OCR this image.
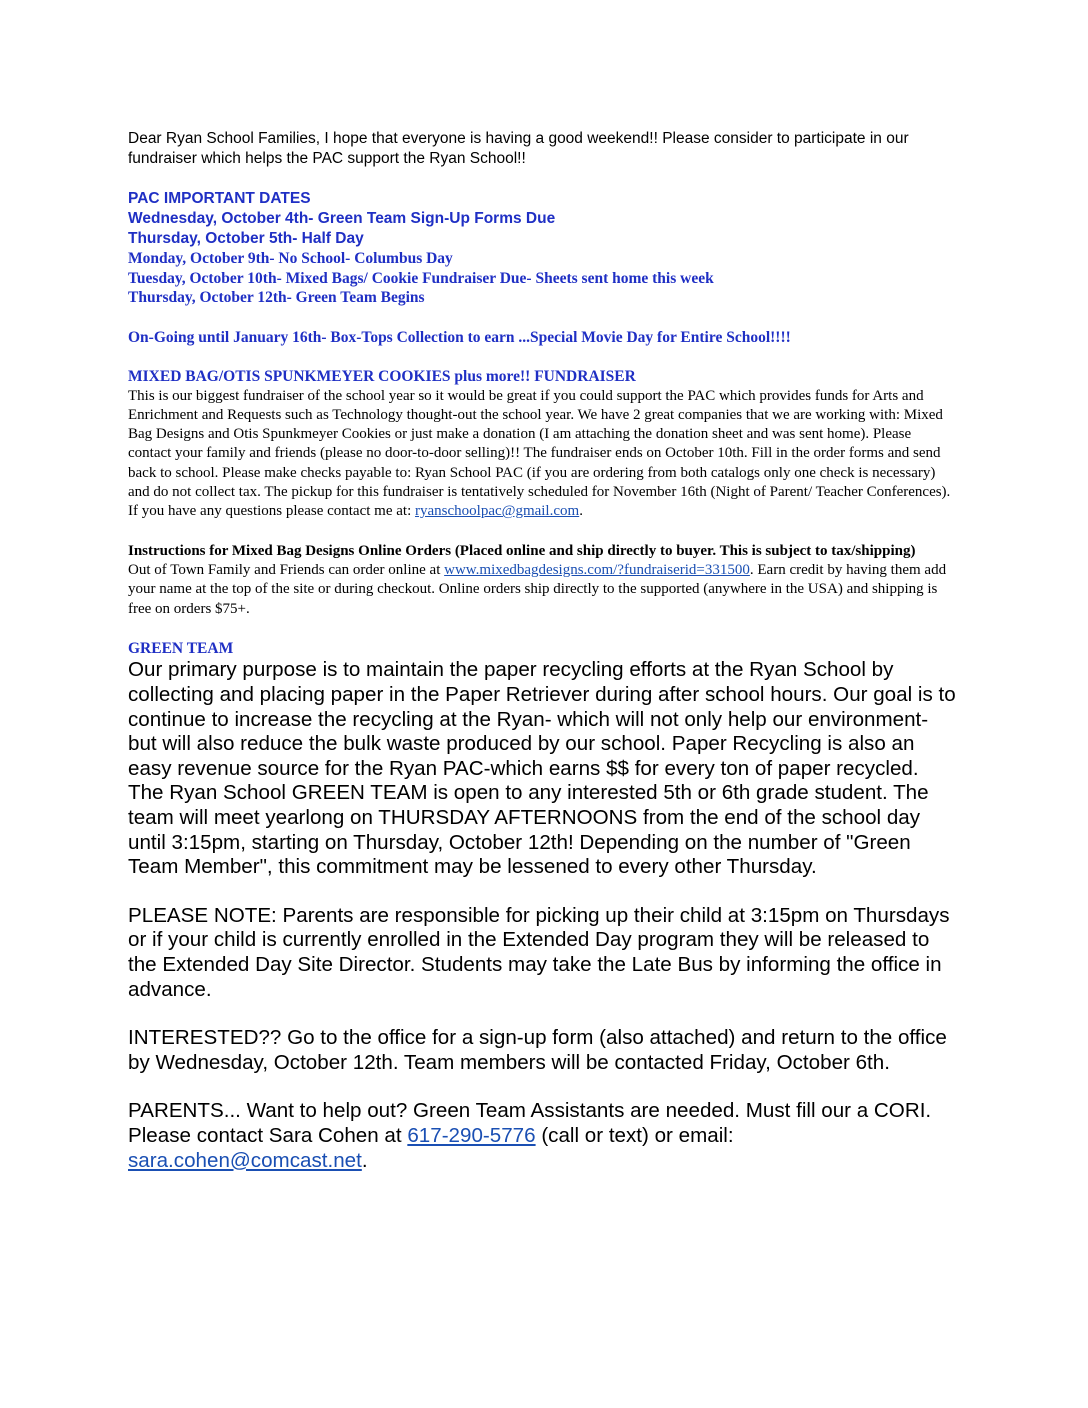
Dear Ryan School Families, I hope that everyone is having a good weekend!! Please consider to participate in our fundraiser which helps the PAC support the Ryan School!!

PAC IMPORTANT DATES

Wednesday, October 4th- Green Team Sign-Up Forms Due

Thursday, October 5th- Half Day

Monday, October 9th- No School- Columbus Day

Tuesday, October 10th- Mixed Bags/ Cookie Fundraiser Due- Sheets sent home this week

Thursday, October 12th- Green Team Begins

On-Going until January 16th- Box-Tops Collection to earn ...Special Movie Day for Entire School!!!!

MIXED BAG/OTIS SPUNKMEYER COOKIES plus more!! FUNDRAISER

This is our biggest fundraiser of the school year so it would be great if you could support the PAC which provides funds for Arts and Enrichment and Requests such as Technology thought-out the school year. We have 2 great companies that we are working with: Mixed Bag Designs and Otis Spunkmeyer Cookies or just make a donation (I am attaching the donation sheet and was sent home). Please contact your family and friends (please no door-to-door selling)!! The fundraiser ends on October 10th. Fill in the order forms and send back to school. Please make checks payable to: Ryan School PAC (if you are ordering from both catalogs only one check is necessary) and do not collect tax. The pickup for this fundraiser is tentatively scheduled for November 16th (Night of Parent/ Teacher Conferences). If you have any questions please contact me at: ryanschoolpac@gmail.com.

Instructions for Mixed Bag Designs Online Orders (Placed online and ship directly to buyer. This is subject to tax/shipping)

Out of Town Family and Friends can order online at www.mixedbagdesigns.com/?fundraiserid=331500. Earn credit by having them add your name at the top of the site or during checkout. Online orders ship directly to the supported (anywhere in the USA) and shipping is free on orders $75+.

GREEN TEAM

Our primary purpose is to maintain the paper recycling efforts at the Ryan School by collecting and placing paper in the Paper Retriever during after school hours. Our goal is to continue to increase the recycling at the Ryan- which will not only help our environment- but will also reduce the bulk waste produced by our school. Paper Recycling is also an easy revenue source for the Ryan PAC-which earns $$ for every ton of paper recycled. The Ryan School GREEN TEAM is open to any interested 5th or 6th grade student. The team will meet yearlong on THURSDAY AFTERNOONS from the end of the school day until 3:15pm, starting on Thursday, October 12th! Depending on the number of "Green Team Member", this commitment may be lessened to every other Thursday.

PLEASE NOTE: Parents are responsible for picking up their child at 3:15pm on Thursdays or if your child is currently enrolled in the Extended Day program they will be released to the Extended Day Site Director. Students may take the Late Bus by informing the office in advance.

INTERESTED?? Go to the office for a sign-up form (also attached) and return to the office by Wednesday, October 12th. Team members will be contacted Friday, October 6th.

PARENTS... Want to help out? Green Team Assistants are needed. Must fill our a CORI. Please contact Sara Cohen at 617-290-5776 (call or text) or email: sara.cohen@comcast.net.
